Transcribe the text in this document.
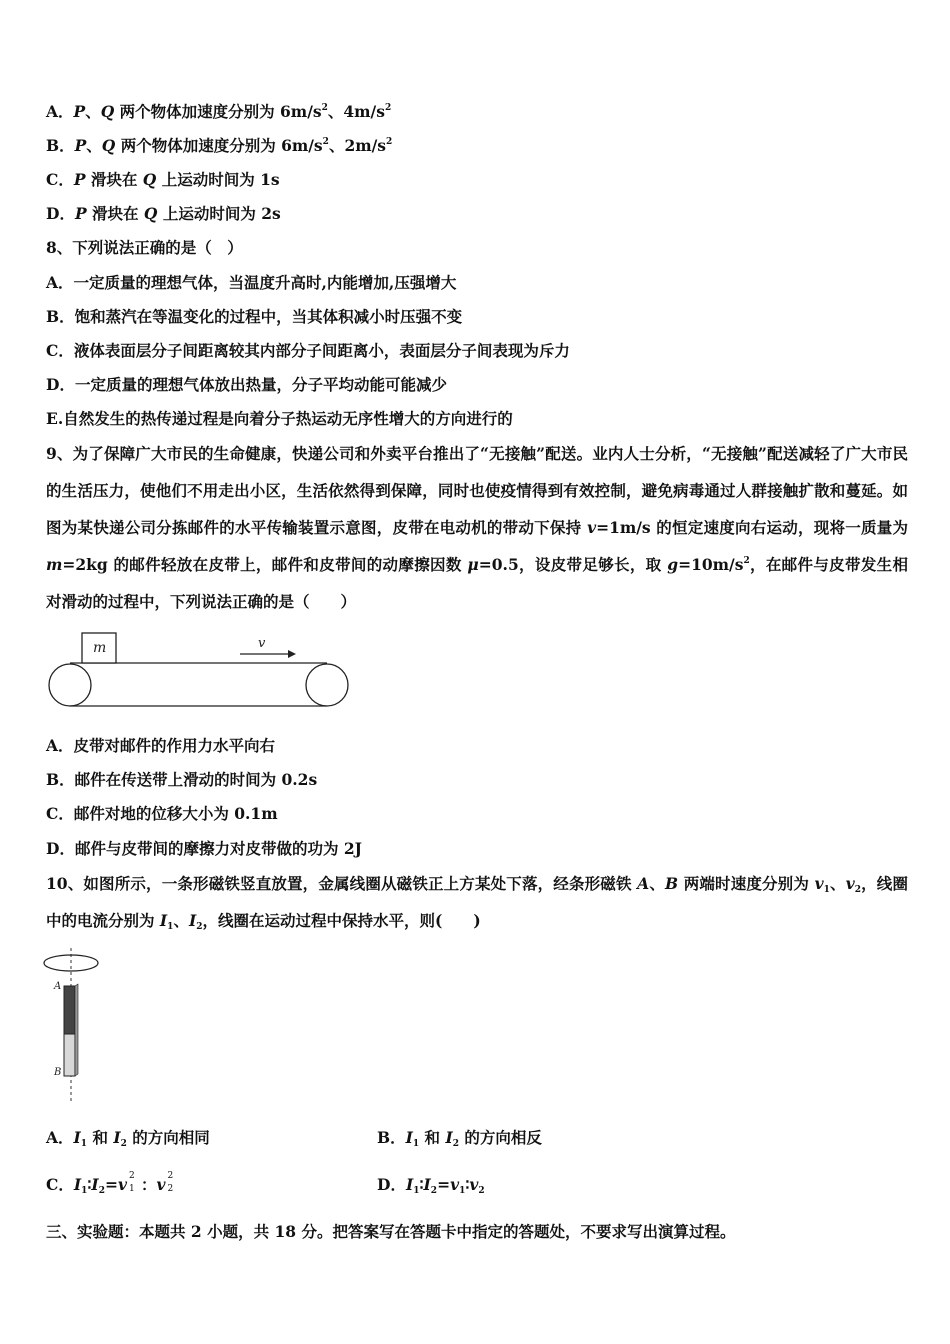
A．P、Q 两个物体加速度分别为 $6m/s^2$、$4m/s^2$
B．P、Q 两个物体加速度分别为 $6m/s^2$、$2m/s^2$
C．P 滑块在 Q 上运动时间为 1s
D．P 滑块在 Q 上运动时间为 2s
8、下列说法正确的是（　）
A．一定质量的理想气体，当温度升高时,内能增加,压强增大
B．饱和蒸汽在等温变化的过程中，当其体积减小时压强不变
C．液体表面层分子间距离较其内部分子间距离小，表面层分子间表现为斥力
D．一定质量的理想气体放出热量，分子平均动能可能减少
E.自然发生的热传递过程是向着分子热运动无序性增大的方向进行的
9、为了保障广大市民的生命健康，快递公司和外卖平台推出了“无接触”配送。业内人士分析，“无接触”配送减轻了广大市民的生活压力，使他们不用走出小区，生活依然得到保障，同时也使疫情得到有效控制，避免病毒通过人群接触扩散和蔓延。如图为某快递公司分拣邮件的水平传输装置示意图，皮带在电动机的带动下保持 v=1m/s 的恒定速度向右运动，现将一质量为 m=2kg 的邮件轻放在皮带上，邮件和皮带间的动摩擦因数 μ=0.5，设皮带足够长，取 $g=10m/s^2$，在邮件与皮带发生相对滑动的过程中，下列说法正确的是（　　）
m	v
A．皮带对邮件的作用力水平向右
B．邮件在传送带上滑动的时间为 0.2s
C．邮件对地的位移大小为 0.1m
D．邮件与皮带间的摩擦力对皮带做的功为 2J
10、如图所示，一条形磁铁竖直放置，金属线圈从磁铁正上方某处下落，经条形磁铁 A、B 两端时速度分别为 $v_1$、$v_2$，线圈中的电流分别为 $I_1$、$I_2$，线圈在运动过程中保持水平，则(　　)
A
B
A．$I_1$ 和 $I_2$ 的方向相同	B．$I_1$ 和 $I_2$ 的方向相反
C．$I_1∶I_2=v$ 2
1 ：v 2
2	D．$I_1∶I_2=v_1∶v_2$
三、实验题：本题共 2 小题，共 18 分。把答案写在答题卡中指定的答题处，不要求写出演算过程。
